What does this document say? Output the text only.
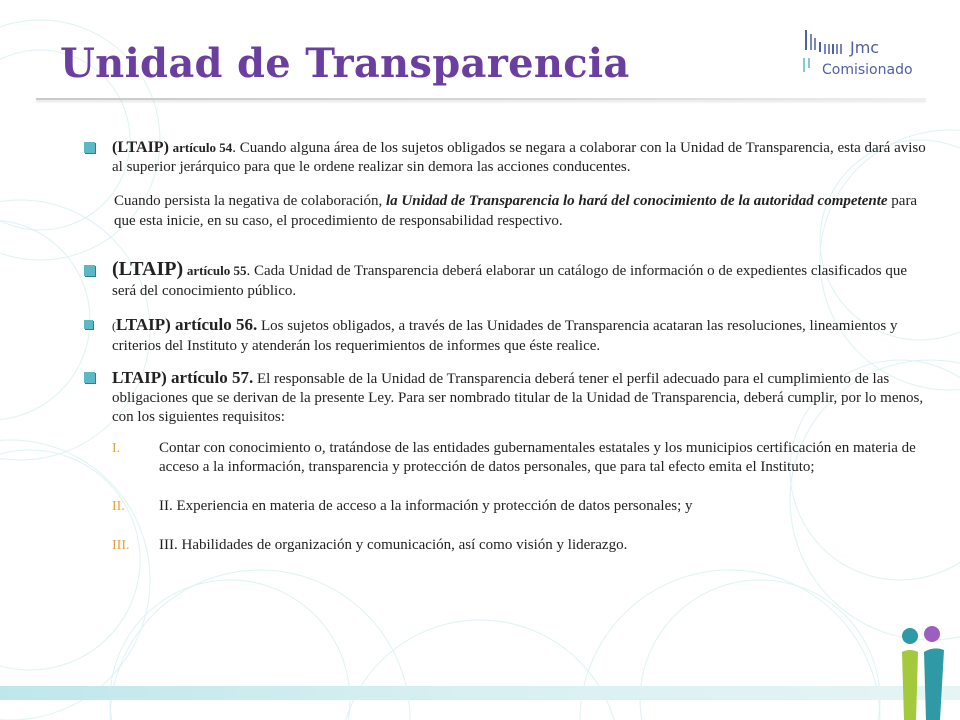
Unidad de Transparencia	Jmc
Comisionado
(LTAIP) artículo 54. Cuando alguna área de los sujetos obligados se negara a colaborar con la Unidad de Transparencia, esta dará aviso al superior jerárquico para que le ordene realizar sin demora las acciones conducentes.
Cuando persista la negativa de colaboración, la Unidad de Transparencia lo hará del conocimiento de la autoridad competente para que esta inicie, en su caso, el procedimiento de responsabilidad respectivo.
(LTAIP) artículo 55. Cada Unidad de Transparencia deberá elaborar un catálogo de información o de expedientes clasificados que será del conocimiento público.
(LTAIP) artículo 56. Los sujetos obligados, a través de las Unidades de Transparencia acataran las resoluciones, lineamientos y criterios del Instituto y atenderán los requerimientos de informes que éste realice.
LTAIP) artículo 57. El responsable de la Unidad de Transparencia deberá tener el perfil adecuado para el cumplimiento de las obligaciones que se derivan de la presente Ley. Para ser nombrado titular de la Unidad de Transparencia, deberá cumplir, por lo menos, con los siguientes requisitos:
I.	Contar con conocimiento o, tratándose de las entidades gubernamentales estatales y los municipios certificación en materia de acceso a la información, transparencia y protección de datos personales, que para tal efecto emita el Instituto;
II. II. Experiencia en materia de acceso a la información y protección de datos personales; y
III. III. Habilidades de organización y comunicación, así como visión y liderazgo.
